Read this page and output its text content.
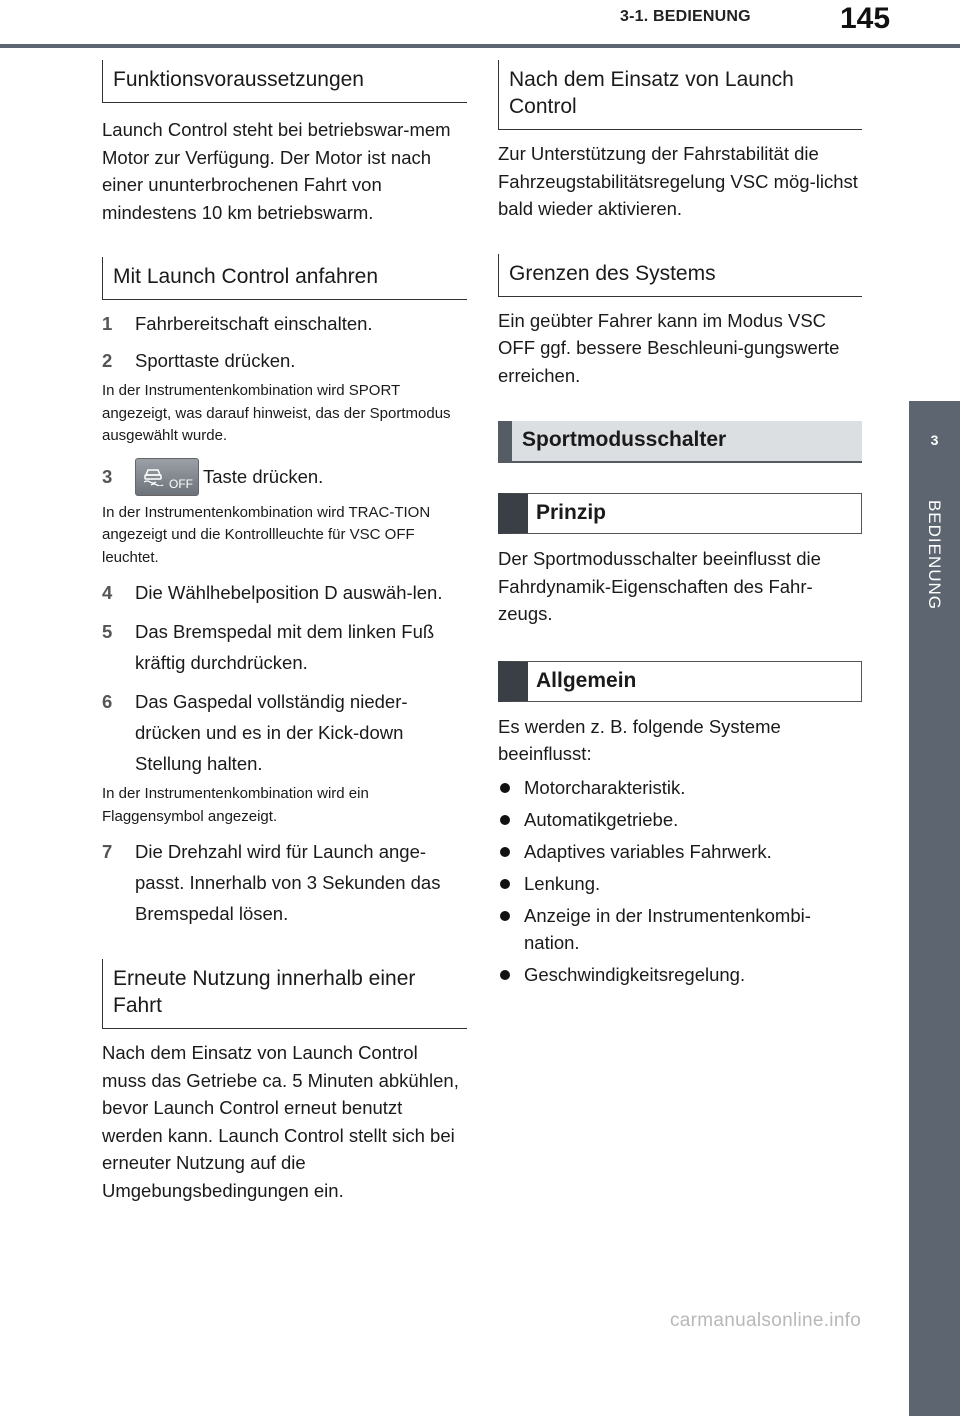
3-1. BEDIENUNG	145
3
BEDIENUNG
Funktionsvoraussetzungen

Launch Control steht bei betriebswar-mem Motor zur Verfügung. Der Motor ist nach einer ununterbrochenen Fahrt von mindestens 10 km betriebswarm.

Mit Launch Control anfahren
1	Fahrbereitschaft einschalten.
2	Sporttaste drücken.

In der Instrumentenkombination wird SPORT angezeigt, was darauf hinweist, das der Sportmodus ausgewählt wurde.

3	OFF Taste drücken.

In der Instrumentenkombination wird TRAC-TION angezeigt und die Kontrollleuchte für VSC OFF leuchtet.

4	Die Wählhebelposition D auswäh-len.
5	Das Bremspedal mit dem linken Fuß kräftig durchdrücken.
6	Das Gaspedal vollständig nieder-drücken und es in der Kick-down Stellung halten.

In der Instrumentenkombination wird ein Flaggensymbol angezeigt.

7	Die Drehzahl wird für Launch ange-passt. Innerhalb von 3 Sekunden das Bremspedal lösen.
Erneute Nutzung innerhalb einer Fahrt

Nach dem Einsatz von Launch Control muss das Getriebe ca. 5 Minuten abkühlen, bevor Launch Control erneut benutzt werden kann. Launch Control stellt sich bei erneuter Nutzung auf die Umgebungsbedingungen ein.

Nach dem Einsatz von Launch Control

Zur Unterstützung der Fahrstabilität die Fahrzeugstabilitätsregelung VSC mög-lichst bald wieder aktivieren.

Grenzen des Systems

Ein geübter Fahrer kann im Modus VSC OFF ggf. bessere Beschleuni-gungswerte erreichen.

Sportmodusschalter
Prinzip

Der Sportmodusschalter beeinflusst die Fahrdynamik-Eigenschaften des Fahr-zeugs.

Allgemein

Es werden z. B. folgende Systeme beeinflusst:

Motorcharakteristik.
Automatikgetriebe.
Adaptives variables Fahrwerk.
Lenkung.
Anzeige in der Instrumentenkombi-nation.
Geschwindigkeitsregelung.
carmanualsonline.info
